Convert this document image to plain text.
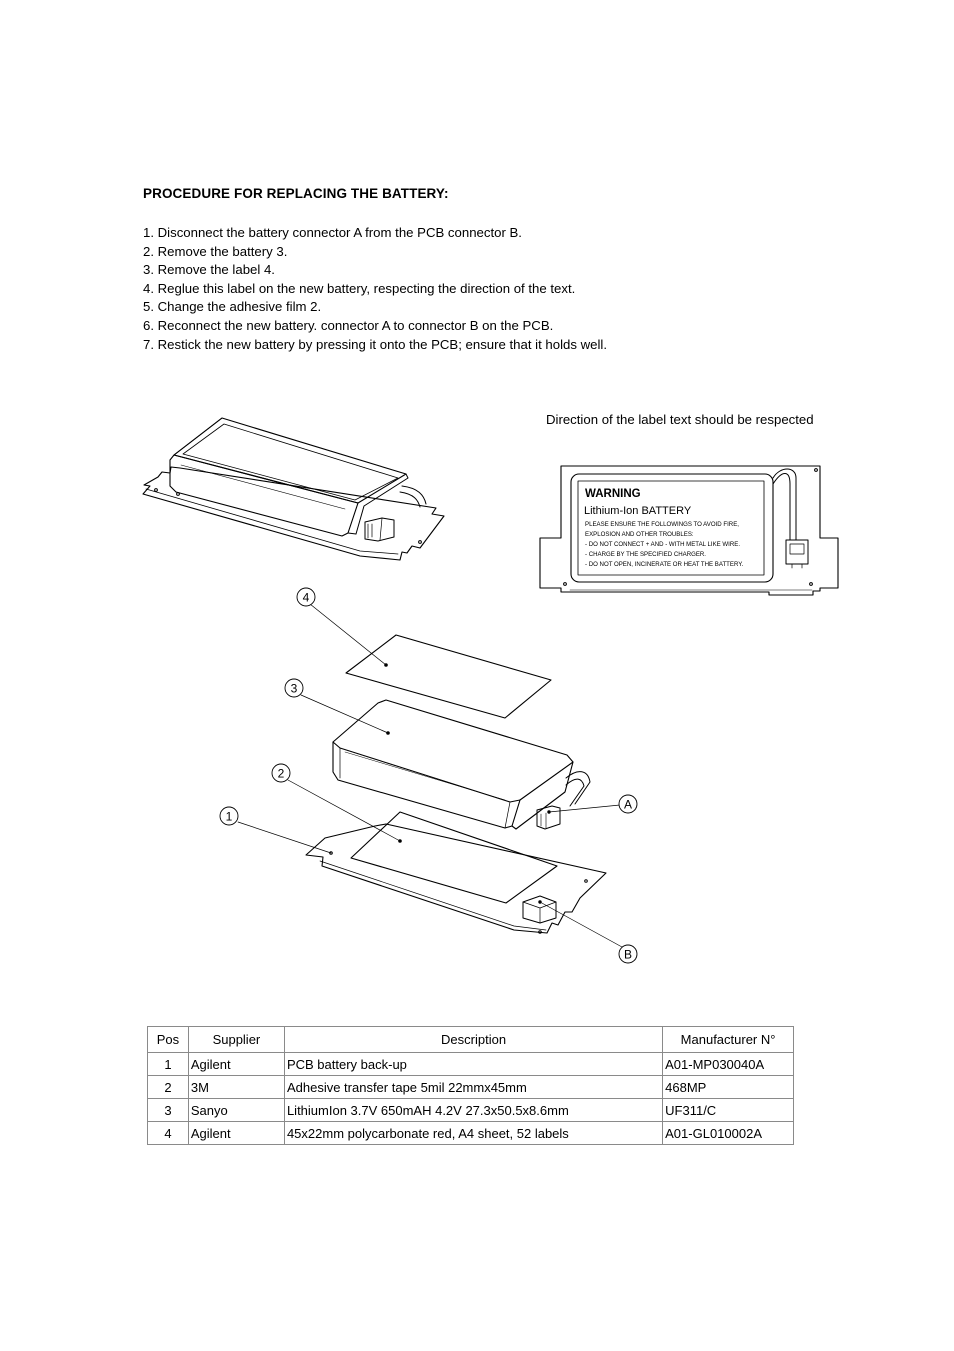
PROCEDURE FOR REPLACING THE BATTERY:
1. Disconnect the battery connector A from the PCB connector B.
2. Remove the battery 3.
3. Remove the label 4.
4. Reglue this label on the new battery, respecting the direction of the text.
5. Change the adhesive film 2.
6. Reconnect the new battery. connector A to connector B on the PCB.
7. Restick the new battery by pressing it onto the PCB; ensure that it holds well.
Direction of the label text should be respected
WARNING
Lithium-Ion BATTERY
PLEASE ENSURE THE FOLLOWINGS TO AVOID FIRE,
EXPLOSION AND OTHER TROUBLES:
- DO NOT CONNECT + AND - WITH METAL LIKE WIRE.
- CHARGE BY THE SPECIFIED CHARGER.
- DO NOT OPEN, INCINERATE OR HEAT THE BATTERY.
4
3
2
1
A
B
Pos	Supplier	Description	Manufacturer N°
1	Agilent	PCB battery back-up	A01-MP030040A
2	3M	Adhesive transfer tape 5mil 22mmx45mm	468MP
3	Sanyo	LithiumIon 3.7V 650mAH 4.2V 27.3x50.5x8.6mm	UF311/C
4	Agilent	45x22mm polycarbonate red, A4 sheet, 52 labels	A01-GL010002A
